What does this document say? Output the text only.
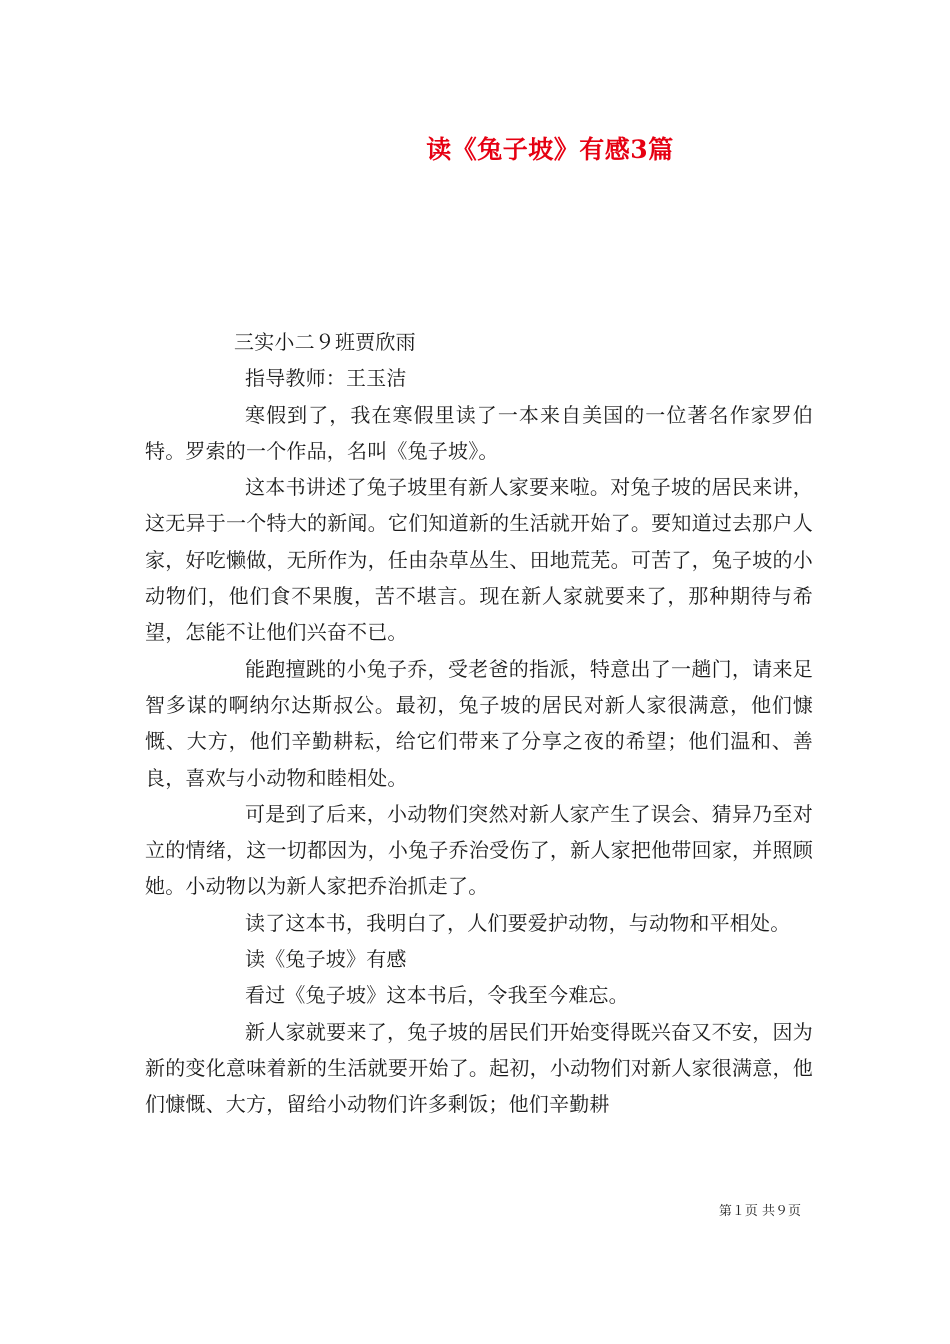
读《兔子坡》有感3篇

三实小二９班贾欣雨

指导教师：王玉洁

寒假到了，我在寒假里读了一本来自美国的一位著名作家罗伯特。罗索的一个作品，名叫《兔子坡》。

这本书讲述了兔子坡里有新人家要来啦。对兔子坡的居民来讲，这无异于一个特大的新闻。它们知道新的生活就开始了。要知道过去那户人家，好吃懒做，无所作为，任由杂草丛生、田地荒芜。可苦了，兔子坡的小动物们，他们食不果腹，苦不堪言。现在新人家就要来了，那种期待与希望，怎能不让他们兴奋不已。

能跑擅跳的小兔子乔，受老爸的指派，特意出了一趟门，请来足智多谋的啊纳尔达斯叔公。最初，兔子坡的居民对新人家很满意，他们慷慨、大方，他们辛勤耕耘，给它们带来了分享之夜的希望；他们温和、善良，喜欢与小动物和睦相处。

可是到了后来，小动物们突然对新人家产生了误会、猜异乃至对立的情绪，这一切都因为，小兔子乔治受伤了，新人家把他带回家，并照顾她。小动物以为新人家把乔治抓走了。

读了这本书，我明白了，人们要爱护动物，与动物和平相处。

读《兔子坡》有感

看过《兔子坡》这本书后，令我至今难忘。

新人家就要来了，兔子坡的居民们开始变得既兴奋又不安，因为新的变化意味着新的生活就要开始了。起初，小动物们对新人家很满意，他们慷慨、大方，留给小动物们许多剩饭；他们辛勤耕

第１页 共９页
